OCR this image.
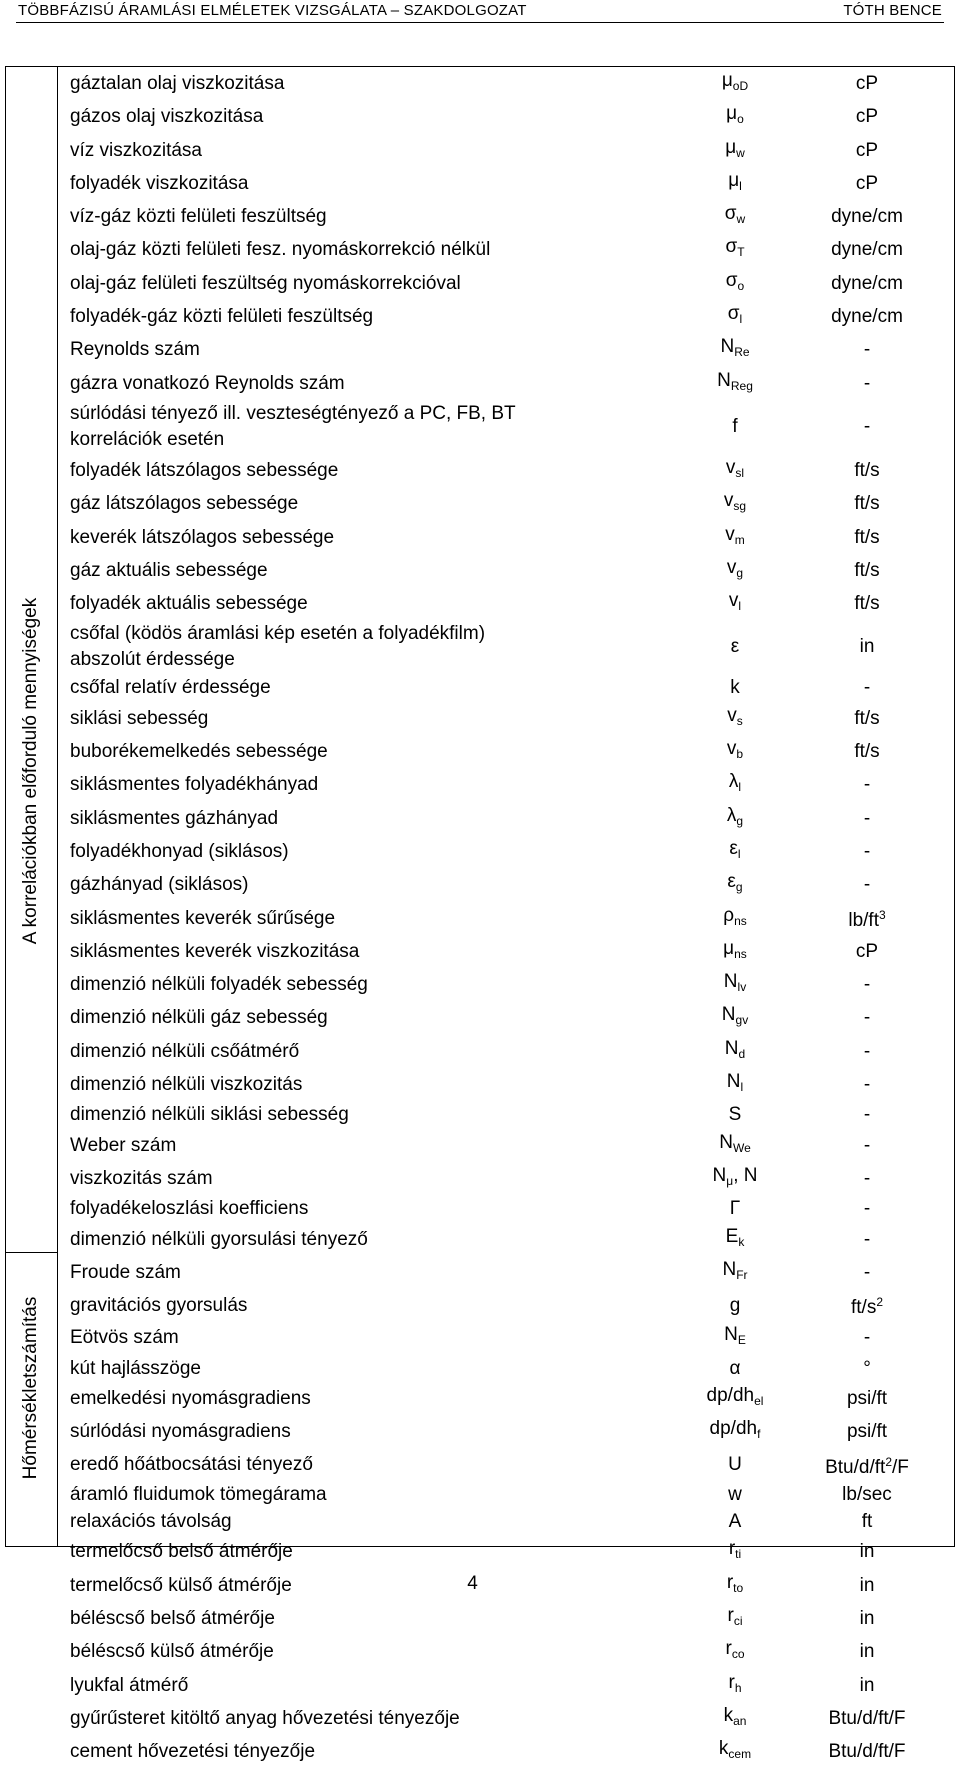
TÖBBFÁZISÚ ÁRAMLÁSI ELMÉLETEK VIZSGÁLATA – SZAKDOLGOZAT	TÓTH BENCE
A korrelációkban előforduló mennyiségek
Hőmérsékletszámítás
gáztalan olaj viszkozitása	$\mu_{oD}$	cP
gázos olaj viszkozitása	$\mu_o$	cP
víz viszkozitása	$\mu_w$	cP
folyadék viszkozitása	$\mu_l$	cP
víz-gáz közti felületi feszültség	$\sigma_w$	dyne/cm
olaj-gáz közti felületi fesz. nyomáskorrekció nélkül	$\sigma_T$	dyne/cm
olaj-gáz felületi feszültség nyomáskorrekcióval	$\sigma_o$	dyne/cm
folyadék-gáz közti felületi feszültség	$\sigma_l$	dyne/cm
Reynolds szám	$N_{Re}$	-
gázra vonatkozó Reynolds szám	$N_{Reg}$	-
súrlódási tényező ill. veszteségtényező a PC, FB, BT
korrelációk esetén	f	-
folyadék látszólagos sebessége	$v_{sl}$	ft/s
gáz látszólagos sebessége	$v_{sg}$	ft/s
keverék látszólagos sebessége	$v_m$	ft/s
gáz aktuális sebessége	$v_g$	ft/s
folyadék aktuális sebessége	$v_l$	ft/s
csőfal (ködös áramlási kép esetén a folyadékfilm)
abszolút érdessége	ε	in
csőfal relatív érdessége	k	-
siklási sebesség	$v_s$	ft/s
buborékemelkedés sebessége	$v_b$	ft/s
siklásmentes folyadékhányad	$\lambda_l$	-
siklásmentes gázhányad	$\lambda_g$	-
folyadékhonyad (siklásos)	$\varepsilon_l$	-
gázhányad (siklásos)	$\varepsilon_g$	-
siklásmentes keverék sűrűsége	$\rho_{ns}$	$lb/ft^3$
siklásmentes keverék viszkozitása	$\mu_{ns}$	cP
dimenzió nélküli folyadék sebesség	$N_{lv}$	-
dimenzió nélküli gáz sebesség	$N_{gv}$	-
dimenzió nélküli csőátmérő	$N_d$	-
dimenzió nélküli viszkozitás	$N_l$	-
dimenzió nélküli siklási sebesség	S	-
Weber szám	$N_{We}$	-
viszkozitás szám	$N_\mu$, N	-
folyadékeloszlási koefficiens	Γ	-
dimenzió nélküli gyorsulási tényező	$E_k$	-
Froude szám	$N_{Fr}$	-
gravitációs gyorsulás	g	$ft/s^2$
Eötvös szám	$N_E$	-
kút hajlásszöge	α	°
emelkedési nyomásgradiens	$dp/dh_{el}$	psi/ft
súrlódási nyomásgradiens	$dp/dh_f$	psi/ft
eredő hőátbocsátási tényező	U	Btu/$d/ft^2/F$
áramló fluidumok tömegárama	w	lb/sec
relaxációs távolság	A	ft
termelőcső belső átmérője	$r_{ti}$	in
termelőcső külső átmérője	$r_{to}$	in
béléscső belső átmérője	$r_{ci}$	in
béléscső külső átmérője	$r_{co}$	in
lyukfal átmérő	$r_h$	in
gyűrűsteret kitöltő anyag hővezetési tényezője	$k_{an}$	Btu/d/ft/F
cement hővezetési tényezője	$k_{cem}$	Btu/d/ft/F
4
